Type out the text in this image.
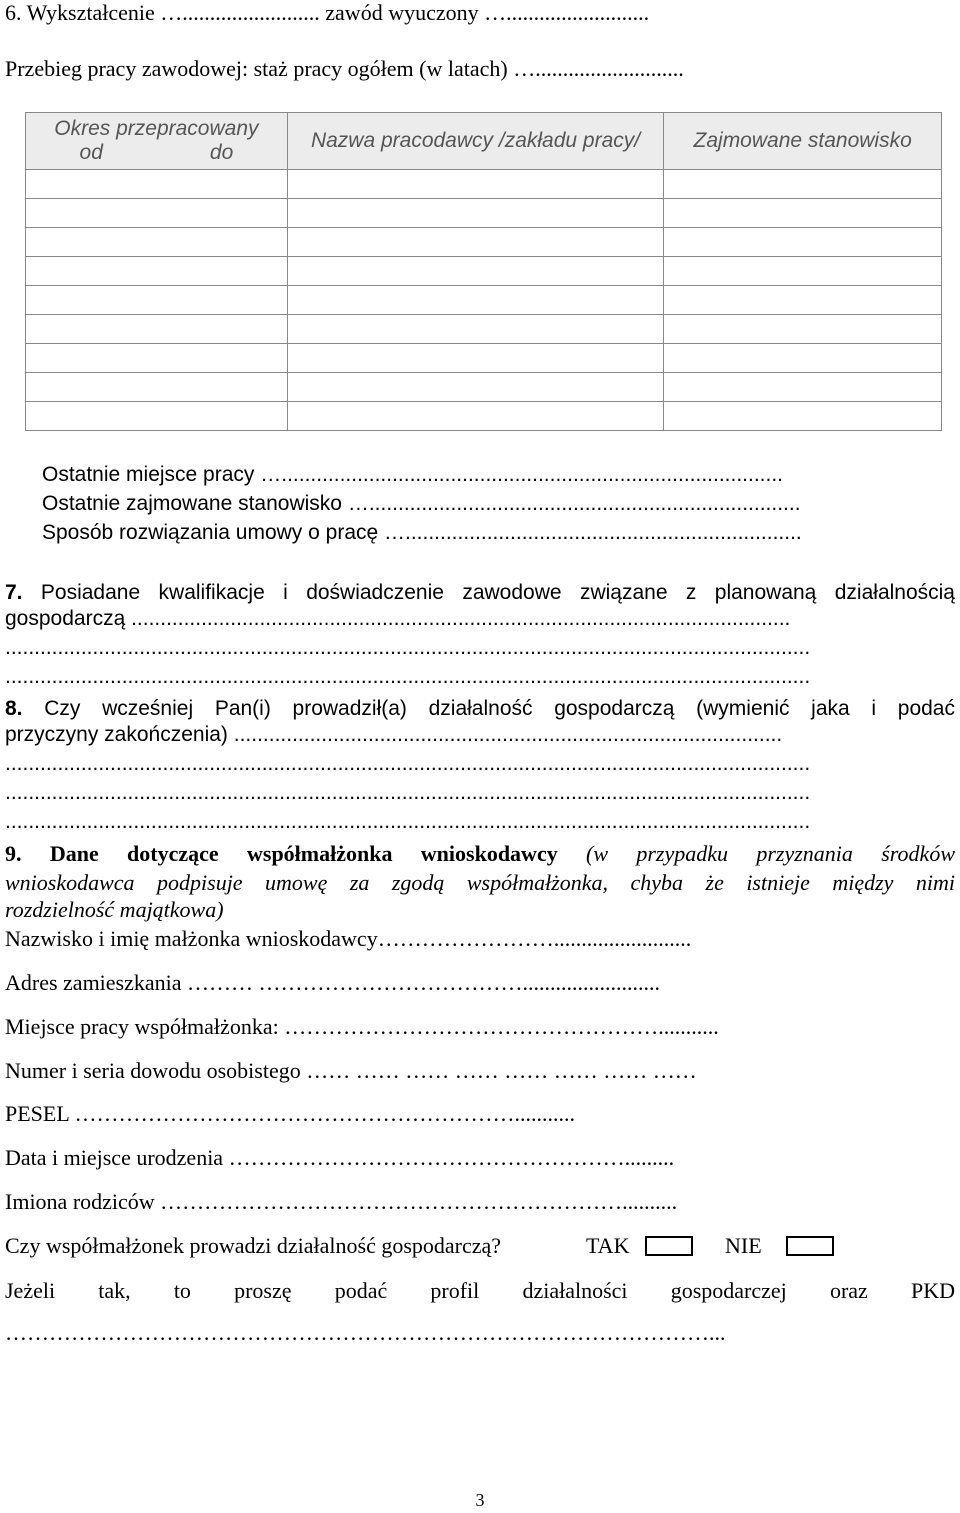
6. Wykształcenie …......................... zawód wyuczony …..........................
Przebieg pracy zawodowej: staż pracy ogółem (w latach) …...........................
Okres przepracowany
od do	Nazwa pracodawcy /zakładu pracy/	Zajmowane stanowisko

Ostatnie miejsce pracy …......................................................................................
Ostatnie zajmowane stanowisko …..........................................................................
Sposób rozwiązania umowy o pracę …....................................................................
7. Posiadane kwalifikacje i doświadczenie zawodowe związane z planowaną działalnością
gospodarczą .................................................................................................................
..........................................................................................................................................
..........................................................................................................................................
8. Czy wcześniej Pan(i) prowadził(a) działalność gospodarczą (wymienić jaka i podać
przyczyny zakończenia) ..............................................................................................
..........................................................................................................................................
..........................................................................................................................................
..........................................................................................................................................
9. Dane dotyczące współmałżonka wnioskodawcy (w przypadku przyznania środków
wnioskodawca podpisuje umowę za zgodą współmałżonka, chyba że istnieje między nimi
rozdzielność majątkowa)
Nazwisko i imię małżonka wnioskodawcy…………………….........................
Adres zamieszkania ……… ……………………………….........................
Miejsce pracy współmałżonka: ……………………………………………...........
Numer i seria dowodu osobistego …… …… …… …… …… …… …… ……
PESEL ……………………………………………………...........
Data i miejsce urodzenia ……………………………………………….........
Imiona rodziców ………………………………………………………..........
Czy współmałżonek prowadzi działalność gospodarczą?	TAK	NIE
Jeżeli tak, to proszę podać profil działalności gospodarczej oraz PKD
……………………………………………………………………………………...
3
